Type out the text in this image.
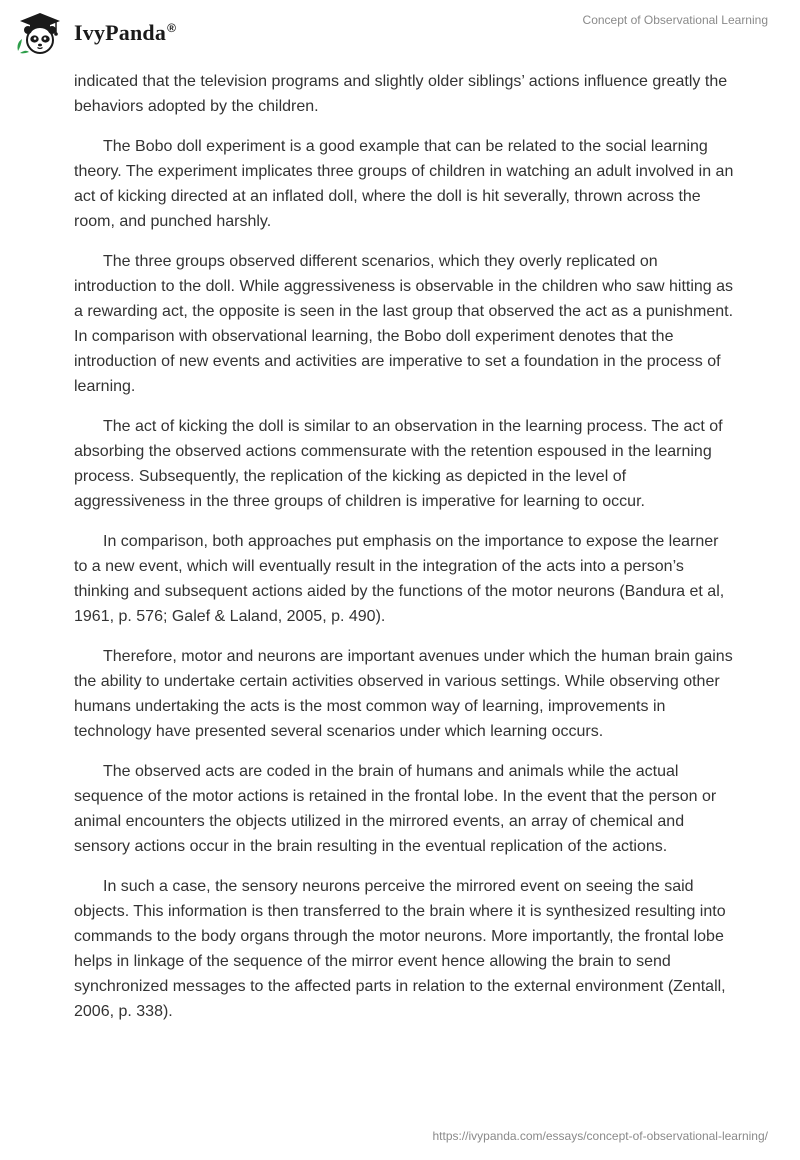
IvyPanda®
Concept of Observational Learning

indicated that the television programs and slightly older siblings’ actions influence greatly the behaviors adopted by the children.

The Bobo doll experiment is a good example that can be related to the social learning theory. The experiment implicates three groups of children in watching an adult involved in an act of kicking directed at an inflated doll, where the doll is hit severally, thrown across the room, and punched harshly.

The three groups observed different scenarios, which they overly replicated on introduction to the doll. While aggressiveness is observable in the children who saw hitting as a rewarding act, the opposite is seen in the last group that observed the act as a punishment. In comparison with observational learning, the Bobo doll experiment denotes that the introduction of new events and activities are imperative to set a foundation in the process of learning.

The act of kicking the doll is similar to an observation in the learning process. The act of absorbing the observed actions commensurate with the retention espoused in the learning process. Subsequently, the replication of the kicking as depicted in the level of aggressiveness in the three groups of children is imperative for learning to occur.

In comparison, both approaches put emphasis on the importance to expose the learner to a new event, which will eventually result in the integration of the acts into a person’s thinking and subsequent actions aided by the functions of the motor neurons (Bandura et al, 1961, p. 576; Galef & Laland, 2005, p. 490).

Therefore, motor and neurons are important avenues under which the human brain gains the ability to undertake certain activities observed in various settings. While observing other humans undertaking the acts is the most common way of learning, improvements in technology have presented several scenarios under which learning occurs.

The observed acts are coded in the brain of humans and animals while the actual sequence of the motor actions is retained in the frontal lobe. In the event that the person or animal encounters the objects utilized in the mirrored events, an array of chemical and sensory actions occur in the brain resulting in the eventual replication of the actions.

In such a case, the sensory neurons perceive the mirrored event on seeing the said objects. This information is then transferred to the brain where it is synthesized resulting into commands to the body organs through the motor neurons. More importantly, the frontal lobe helps in linkage of the sequence of the mirror event hence allowing the brain to send synchronized messages to the affected parts in relation to the external environment (Zentall, 2006, p. 338).

https://ivypanda.com/essays/concept-of-observational-learning/
